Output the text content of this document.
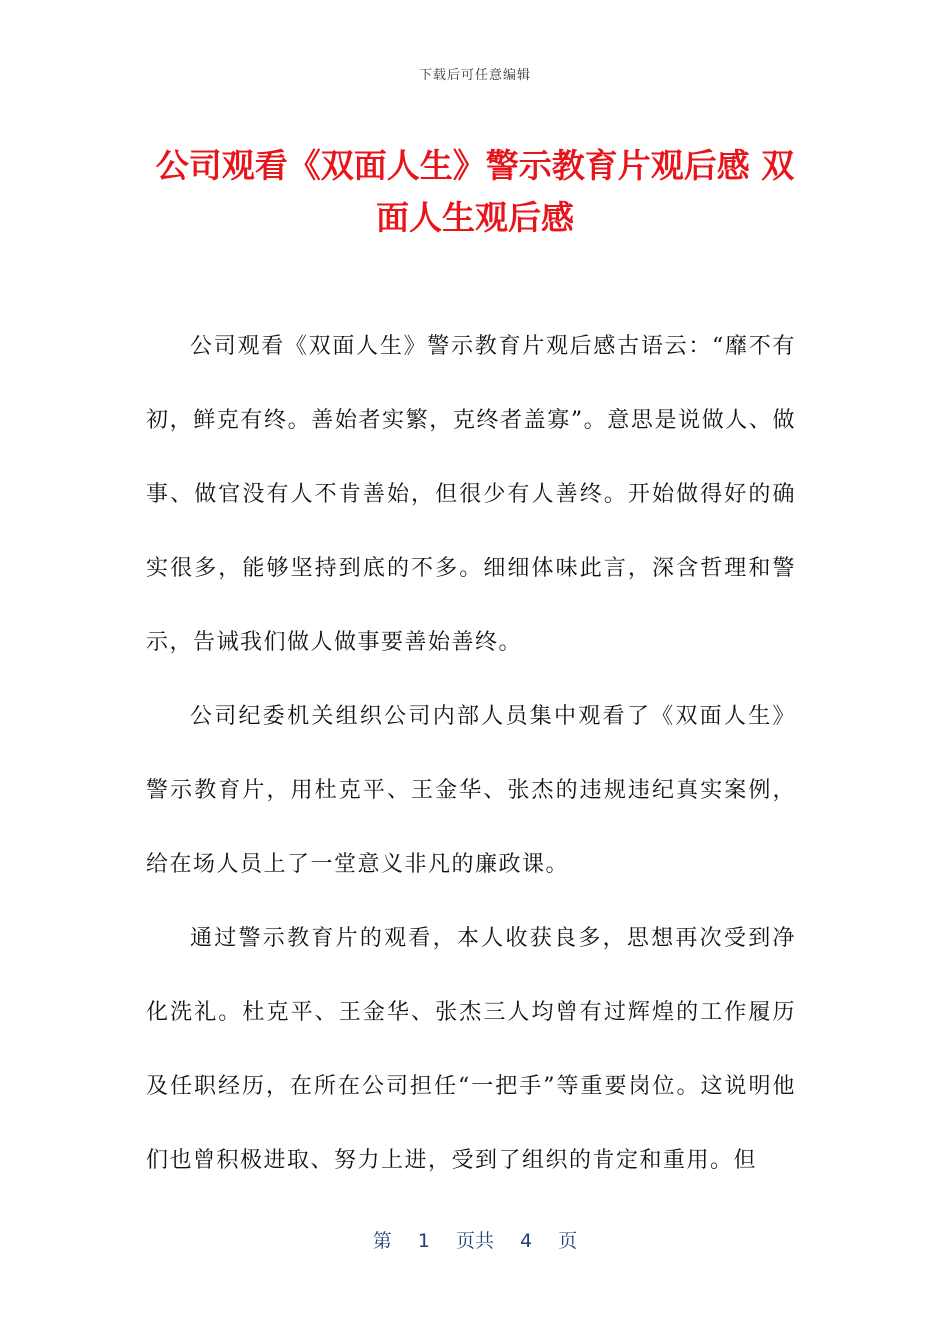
下载后可任意编辑
公司观看《双面人生》警示教育片观后感 双面人生观后感

公司观看《双面人生》警示教育片观后感古语云：“靡不有初，鲜克有终。善始者实繁，克终者盖寡”。意思是说做人、做事、做官没有人不肯善始，但很少有人善终。开始做得好的确实很多，能够坚持到底的不多。细细体味此言，深含哲理和警示，告诫我们做人做事要善始善终。

公司纪委机关组织公司内部人员集中观看了《双面人生》警示教育片，用杜克平、王金华、张杰的违规违纪真实案例，给在场人员上了一堂意义非凡的廉政课。

通过警示教育片的观看，本人收获良多，思想再次受到净化洗礼。杜克平、王金华、张杰三人均曾有过辉煌的工作履历及任职经历，在所在公司担任“一把手”等重要岗位。这说明他们也曾积极进取、努力上进，受到了组织的肯定和重用。但

第 1 页共 4 页
